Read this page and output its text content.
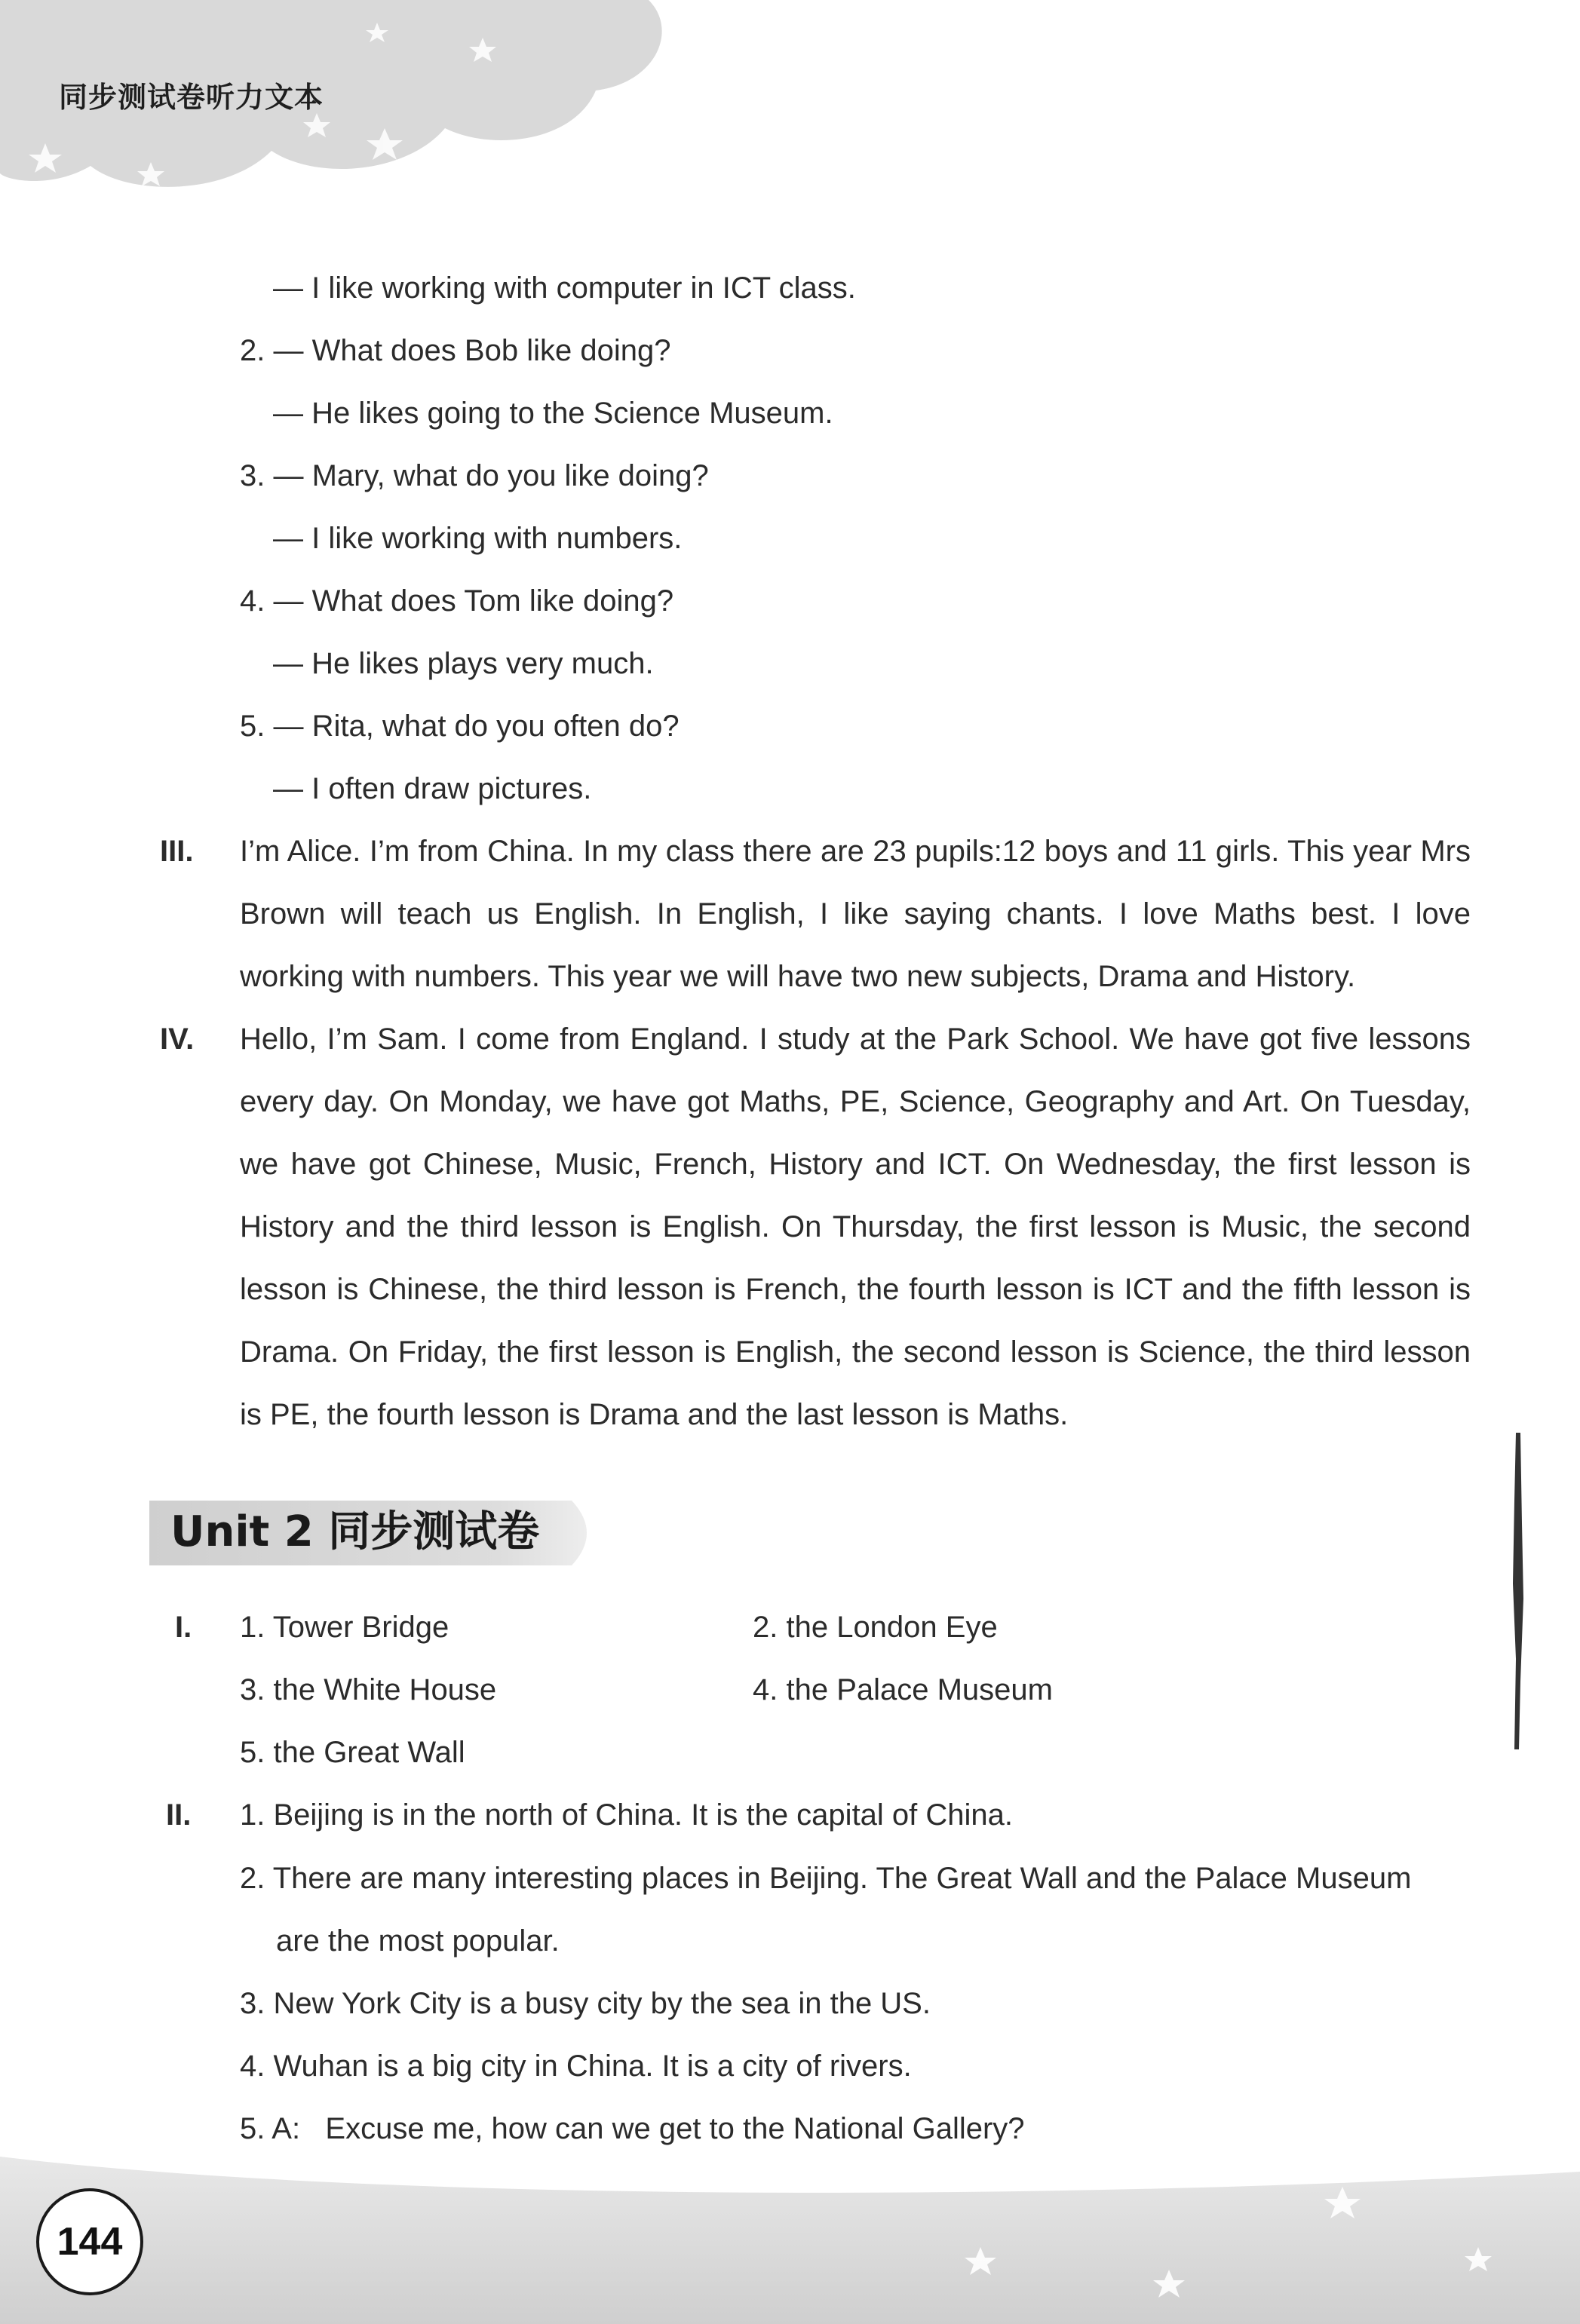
同步测试卷听力文本
— I like working with computer in ICT class.
2. — What does Bob like doing?
— He likes going to the Science Museum.
3. — Mary, what do you like doing?
— I like working with numbers.
4. — What does Tom like doing?
— He likes plays very much.
5. — Rita, what do you often do?
— I often draw pictures.
III. I’m Alice. I’m from China. In my class there are 23 pupils:12 boys and 11 girls. This year Mrs Brown will teach us English. In English, I like saying chants. I love Maths best. I love working with numbers. This year we will have two new subjects, Drama and History.
IV. Hello, I’m Sam. I come from England. I study at the Park School. We have got five lessons every day. On Monday, we have got Maths, PE, Science, Geography and Art. On Tuesday, we have got Chinese, Music, French, History and ICT. On Wednesday, the first lesson is History and the third lesson is English. On Thursday, the first lesson is Music, the second lesson is Chinese, the third lesson is French, the fourth lesson is ICT and the fifth lesson is Drama. On Friday, the first lesson is English, the second lesson is Science, the third lesson is PE, the fourth lesson is Drama and the last lesson is Maths.
Unit 2 同步测试卷
I. 1. Tower Bridge	2. the London Eye
3. the White House	4. the Palace Museum
5. the Great Wall
II. 1. Beijing is in the north of China. It is the capital of China.
2. There are many interesting places in Beijing. The Great Wall and the Palace Museum
are the most popular.
3. New York City is a busy city by the sea in the US.
4. Wuhan is a big city in China. It is a city of rivers.
5. A:   Excuse me, how can we get to the National Gallery?
144
